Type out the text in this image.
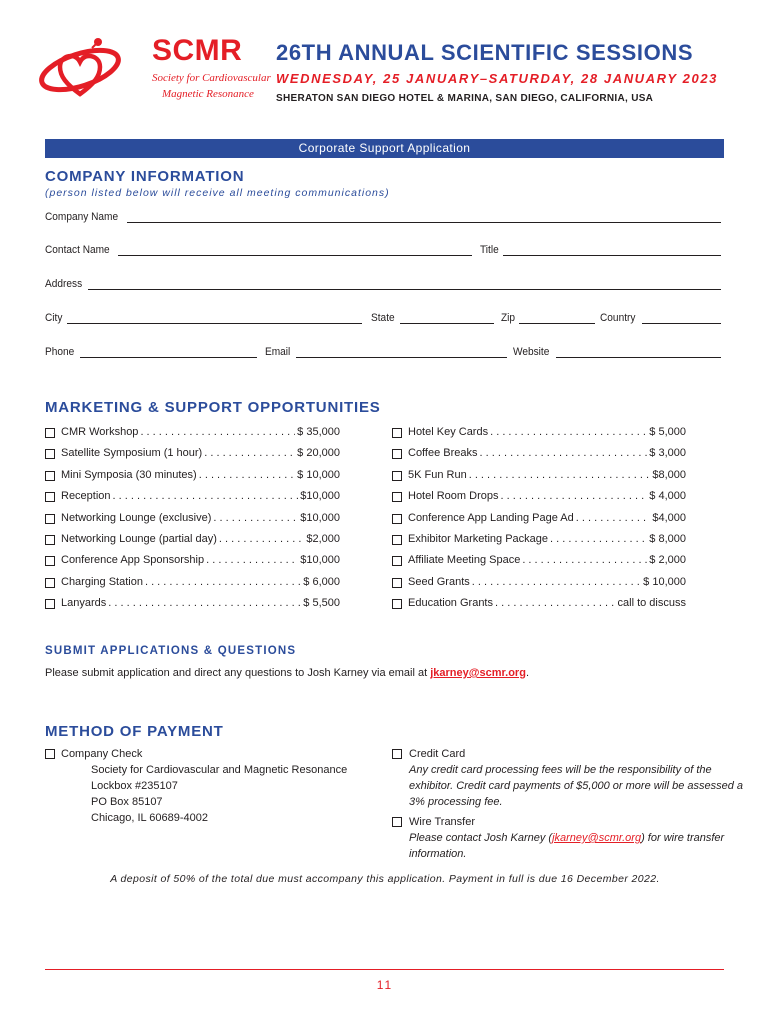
SCMR
Society for Cardiovascular
Magnetic Resonance
26TH ANNUAL SCIENTIFIC SESSIONS
WEDNESDAY, 25 JANUARY–SATURDAY, 28 JANUARY 2023
SHERATON SAN DIEGO HOTEL & MARINA, SAN DIEGO, CALIFORNIA, USA
Corporate Support Application
COMPANY INFORMATION
(person listed below will receive all meeting communications)
Company Name
Contact Name	Title
Address
City	State	Zip	Country
Phone	Email	Website
MARKETING & SUPPORT OPPORTUNITIES
CMR Workshop . . .	$ 35,000
Satellite Symposium (1 hour) . . .	$ 20,000
Mini Symposia (30 minutes) . . .	$ 10,000
Reception . . .	$10,000
Networking Lounge (exclusive) . . .	$10,000
Networking Lounge (partial day) . . .	$2,000
Conference App Sponsorship . . .	$10,000
Charging Station . . .	$ 6,000
Lanyards . . .	$ 5,500
Hotel Key Cards . . .	$ 5,000
Coffee Breaks . . .	$ 3,000
5K Fun Run . . .	$8,000
Hotel Room Drops . . .	$ 4,000
Conference App Landing Page Ad . . .	$4,000
Exhibitor Marketing Package . . .	$ 8,000
Affiliate Meeting Space . . .	$ 2,000
Seed Grants . . .	$ 10,000
Education Grants . . .	call to discuss
SUBMIT APPLICATIONS & QUESTIONS
Please submit application and direct any questions to Josh Karney via email at jkarney@scmr.org.
METHOD OF PAYMENT
Company Check
Society for Cardiovascular and Magnetic Resonance
Lockbox #235107
PO Box 85107
Chicago, IL 60689-4002
Credit Card
Any credit card processing fees will be the responsibility of the
exhibitor. Credit card payments of $5,000 or more will be assessed a
3% processing fee.
Wire Transfer
Please contact Josh Karney (jkarney@scmr.org) for wire transfer
information.
A deposit of 50% of the total due must accompany this application. Payment in full is due 16 December 2022.
11
